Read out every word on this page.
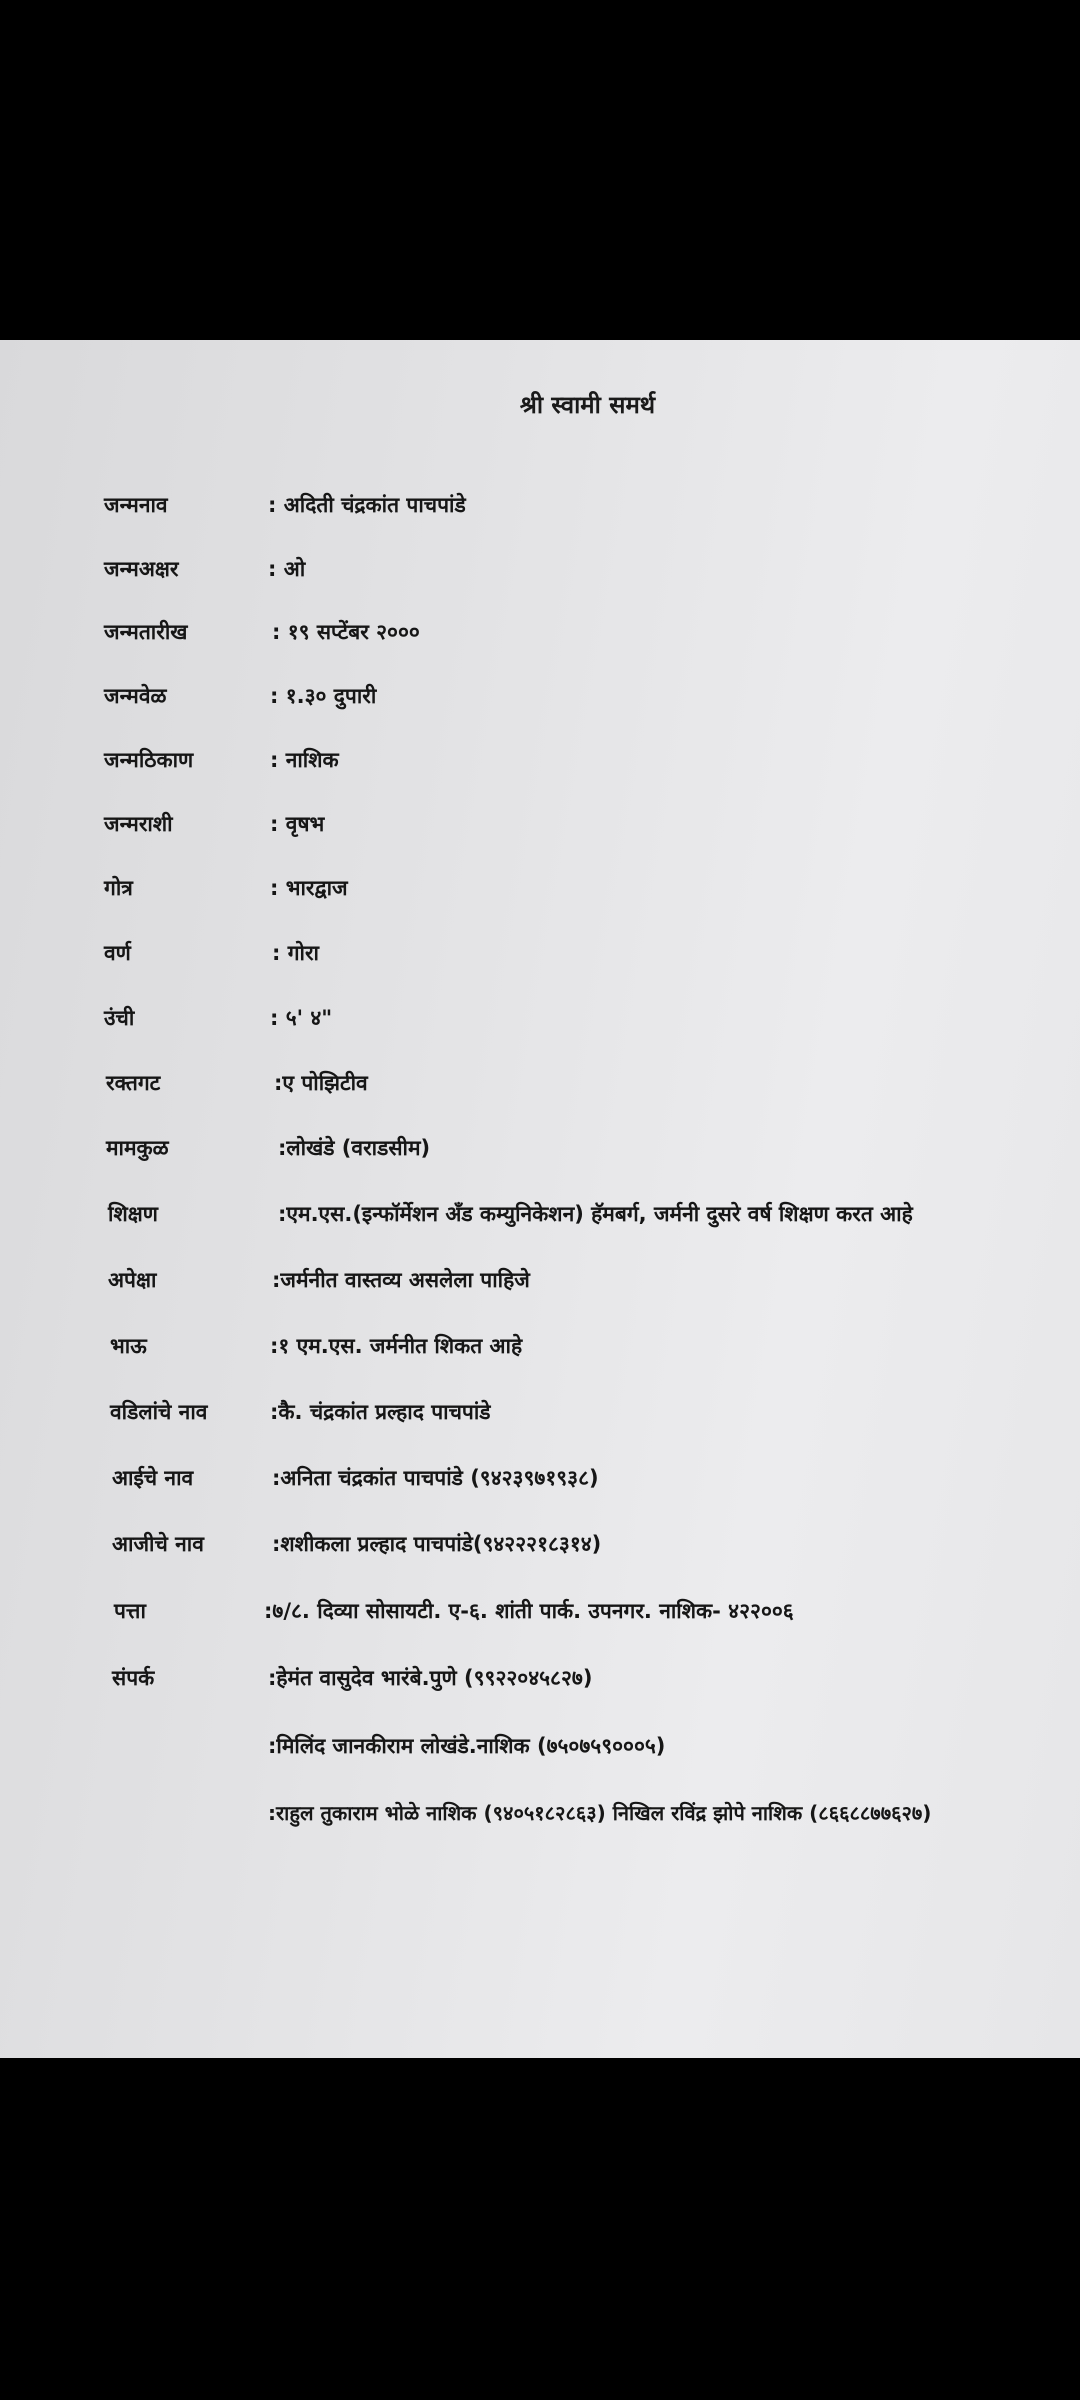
श्री स्वामी समर्थ
जन्मनाव	: अदिती चंद्रकांत पाचपांडे
जन्मअक्षर	: ओ
जन्मतारीख	: १९ सप्टेंबर २०००
जन्मवेळ	: १.३० दुपारी
जन्मठिकाण	: नाशिक
जन्मराशी	: वृषभ
गोत्र	: भारद्वाज
वर्ण	: गोरा
उंची	: ५' ४"
रक्तगट	:ए पोझिटीव
मामकुळ	:लोखंडे (वराडसीम)
शिक्षण	:एम.एस.(इन्फॉर्मेशन अँड कम्युनिकेशन) हॅमबर्ग, जर्मनी दुसरे वर्ष शिक्षण करत आहे
अपेक्षा	:जर्मनीत वास्तव्य असलेला पाहिजे
भाऊ	:१ एम.एस. जर्मनीत शिकत आहे
वडिलांचे नाव	:कै. चंद्रकांत प्रल्हाद पाचपांडे
आईचे नाव	:अनिता चंद्रकांत पाचपांडे (९४२३९७१९३८)
आजीचे नाव	:शशीकला प्रल्हाद पाचपांडे(९४२२२१८३१४)
पत्ता	:७/८. दिव्या सोसायटी. ए-६. शांती पार्क. उपनगर. नाशिक- ४२२००६
संपर्क	:हेमंत वासुदेव भारंबे.पुणे (९९२२०४५८२७)
:मिलिंद जानकीराम लोखंडे.नाशिक (७५०७५९०००५)
:राहुल तुकाराम भोळे नाशिक (९४०५१८२८६३) निखिल रविंद्र झोपे नाशिक (८६६८८७७६२७)
